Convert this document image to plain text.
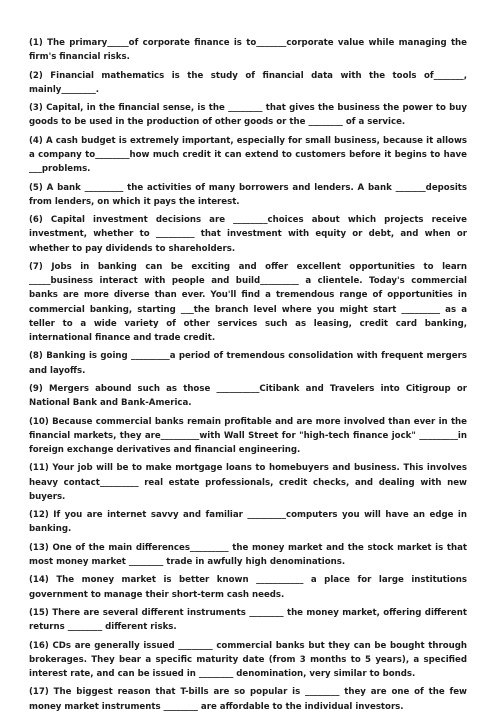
(1) The primary_____of corporate finance is to_______corporate value while managing the firm's financial risks.

(2) Financial mathematics is the study of financial data with the tools of_______, mainly________.

(3) Capital, in the financial sense, is the ________ that gives the business the power to buy goods to be used in the production of other goods or the ________ of a service.

(4) A cash budget is extremely important, especially for small business, because it allows a company to________how much credit it can extend to customers before it begins to have ___problems.

(5) A bank _________ the activities of many borrowers and lenders. A bank _______deposits from lenders, on which it pays the interest.

(6) Capital investment decisions are ________choices about which projects receive investment, whether to _________ that investment with equity or debt, and when or whether to pay dividends to shareholders.

(7) Jobs in banking can be exciting and offer excellent opportunities to learn _____business interact with people and build_________ a clientele. Today's commercial banks are more diverse than ever. You'll find a tremendous range of opportunities in commercial banking, starting ___the branch level where you might start _________ as a teller to a wide variety of other services such as leasing, credit card banking, international finance and trade credit.

(8) Banking is going _________a period of tremendous consolidation with frequent mergers and layoffs.

(9) Mergers abound such as those __________Citibank and Travelers into Citigroup or National Bank and Bank-America.

(10) Because commercial banks remain profitable and are more involved than ever in the financial markets, they are_________with Wall Street for "high-tech finance jock" _________in foreign exchange derivatives and financial engineering.

(11) Your job will be to make mortgage loans to homebuyers and business. This involves heavy contact_________ real estate professionals, credit checks, and dealing with new buyers.

(12) If you are internet savvy and familiar _________computers you will have an edge in banking.

(13) One of the main differences_________ the money market and the stock market is that most money market ________ trade in awfully high denominations.

(14) The money market is better known ___________ a place for large institutions government to manage their short-term cash needs.

(15) There are several different instruments ________ the money market, offering different returns ________ different risks.

(16) CDs are generally issued ________ commercial banks but they can be bought through brokerages. They bear a specific maturity date (from 3 months to 5 years), a specified interest rate, and can be issued in ________ denomination, very similar to bonds.

(17) The biggest reason that T-bills are so popular is ________ they are one of the few money market instruments ________ are affordable to the individual investors.
